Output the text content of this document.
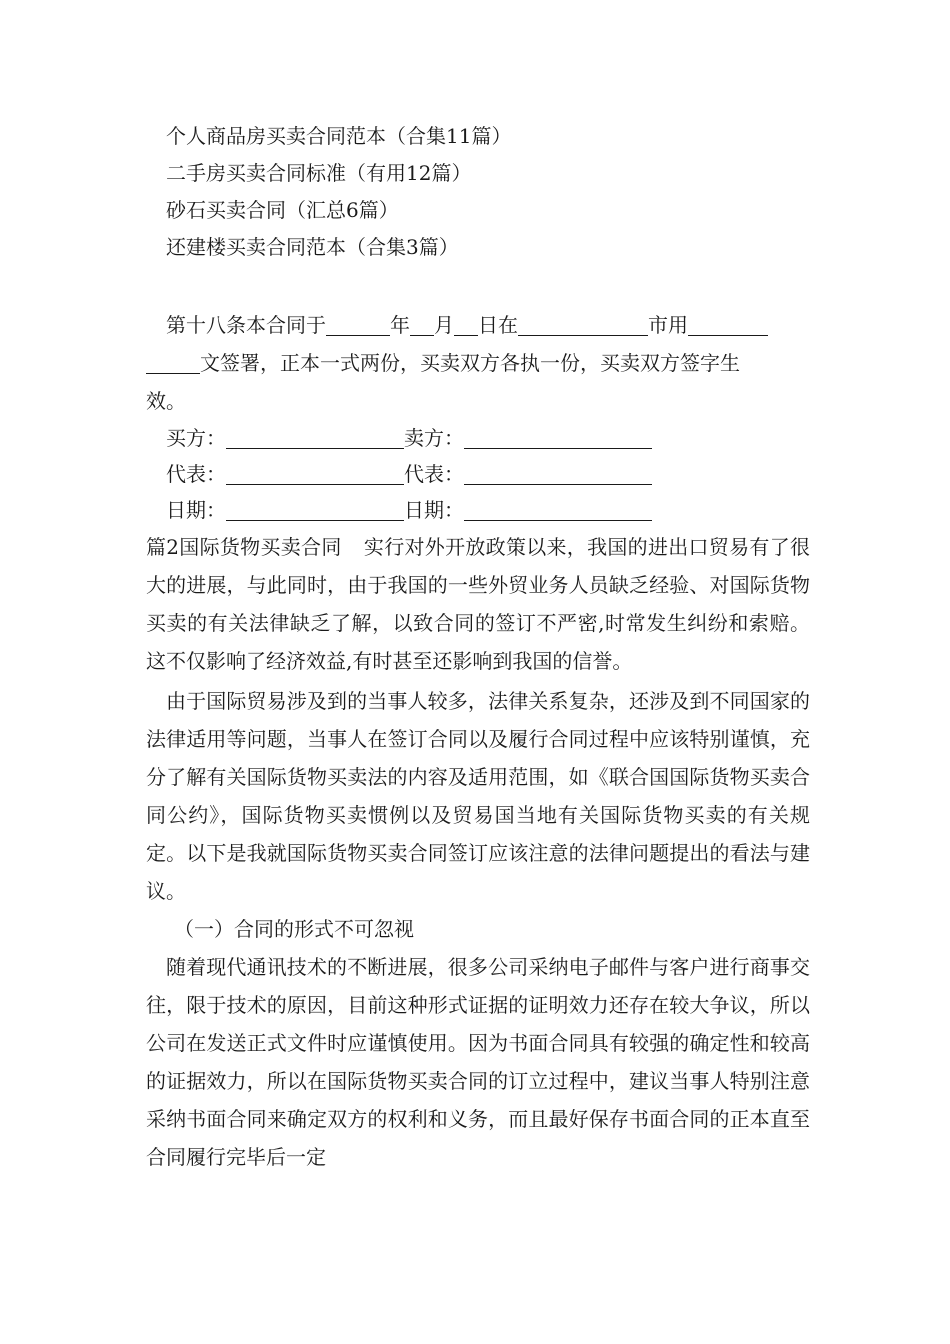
个人商品房买卖合同范本（合集11篇）
二手房买卖合同标准（有用12篇）
砂石买卖合同（汇总6篇）
还建楼买卖合同范本（合集3篇）
第十八条本合同于	年 月 日在	市用
文签署，正本一式两份，买卖双方各执一份，买卖双方签字生
效。
买方：	卖方：
代表：	代表：
日期：	日期：

篇2国际货物买卖合同 实行对外开放政策以来，我国的进出口贸易有了很大的进展，与此同时，由于我国的一些外贸业务人员缺乏经验、对国际货物买卖的有关法律缺乏了解，以致合同的签订不严密,时常发生纠纷和索赔。这不仅影响了经济效益,有时甚至还影响到我国的信誉。

由于国际贸易涉及到的当事人较多，法律关系复杂，还涉及到不同国家的法律适用等问题，当事人在签订合同以及履行合同过程中应该特别谨慎，充分了解有关国际货物买卖法的内容及适用范围，如《联合国国际货物买卖合同公约》，国际货物买卖惯例以及贸易国当地有关国际货物买卖的有关规定。以下是我就国际货物买卖合同签订应该注意的法律问题提出的看法与建议。

（一）合同的形式不可忽视

随着现代通讯技术的不断进展，很多公司采纳电子邮件与客户进行商事交往，限于技术的原因，目前这种形式证据的证明效力还存在较大争议，所以公司在发送正式文件时应谨慎使用。因为书面合同具有较强的确定性和较高的证据效力，所以在国际货物买卖合同的订立过程中，建议当事人特别注意采纳书面合同来确定双方的权利和义务，而且最好保存书面合同的正本直至合同履行完毕后一定
